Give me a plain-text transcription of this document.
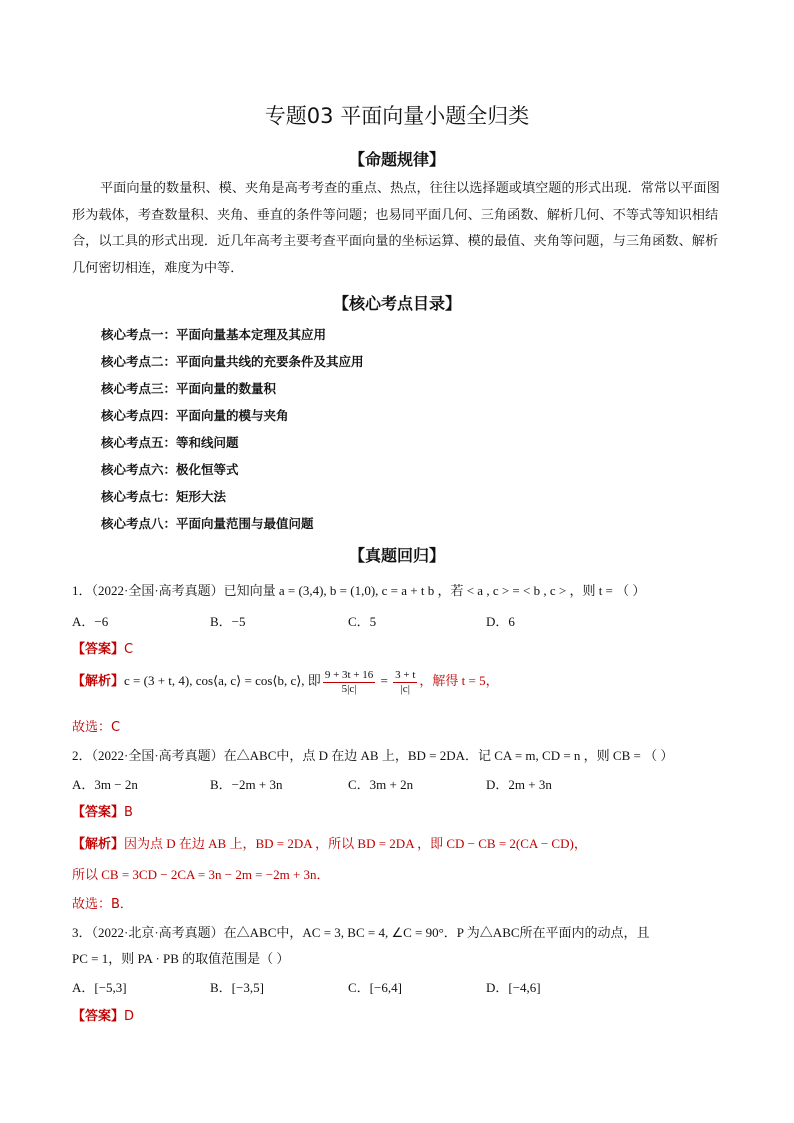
专题03 平面向量小题全归类
【命题规律】

平面向量的数量积、模、夹角是高考考查的重点、热点，往往以选择题或填空题的形式出现．常常以平面图形为载体，考查数量积、夹角、垂直的条件等问题；也易同平面几何、三角函数、解析几何、不等式等知识相结合，以工具的形式出现．近几年高考主要考查平面向量的坐标运算、模的最值、夹角等问题，与三角函数、解析几何密切相连，难度为中等．

【核心考点目录】
核心考点一：平面向量基本定理及其应用
核心考点二：平面向量共线的充要条件及其应用
核心考点三：平面向量的数量积
核心考点四：平面向量的模与夹角
核心考点五：等和线问题
核心考点六：极化恒等式
核心考点七：矩形大法
核心考点八：平面向量范围与最值问题
【真题回归】
1．（2022·全国·高考真题）已知向量 a = (3,4), b = (1,0), c = a + t b ，若 < a , c > = < b , c > ，则 t = （ ）
A．−6	B．−5	C．5	D．6
【答案】C
【解析】c = (3 + t, 4), cos⟨a, c⟩ = cos⟨b, c⟩, 即 $\frac{9 + 3t + 16}{5|c|} = \frac{3 + t}{|c|}$ ，解得 t = 5，
故选：C
2．（2022·全国·高考真题）在△ABC中，点 D 在边 AB 上，BD = 2DA．记 CA = m, CD = n ，则 CB = （ ）
A．3m − 2n	B．−2m + 3n	C．3m + 2n	D．2m + 3n
【答案】B
【解析】因为点 D 在边 AB 上，BD = 2DA ，所以 BD = 2DA ，即 CD − CB = 2(CA − CD)，
所以 CB = 3CD − 2CA = 3n − 2m = −2m + 3n．
故选：B．
3．（2022·北京·高考真题）在△ABC中，AC = 3, BC = 4, ∠C = 90°．P 为△ABC所在平面内的动点，且
PC = 1，则 PA · PB 的取值范围是（ ）
A．[−5,3]	B．[−3,5]	C．[−6,4]	D．[−4,6]
【答案】D
